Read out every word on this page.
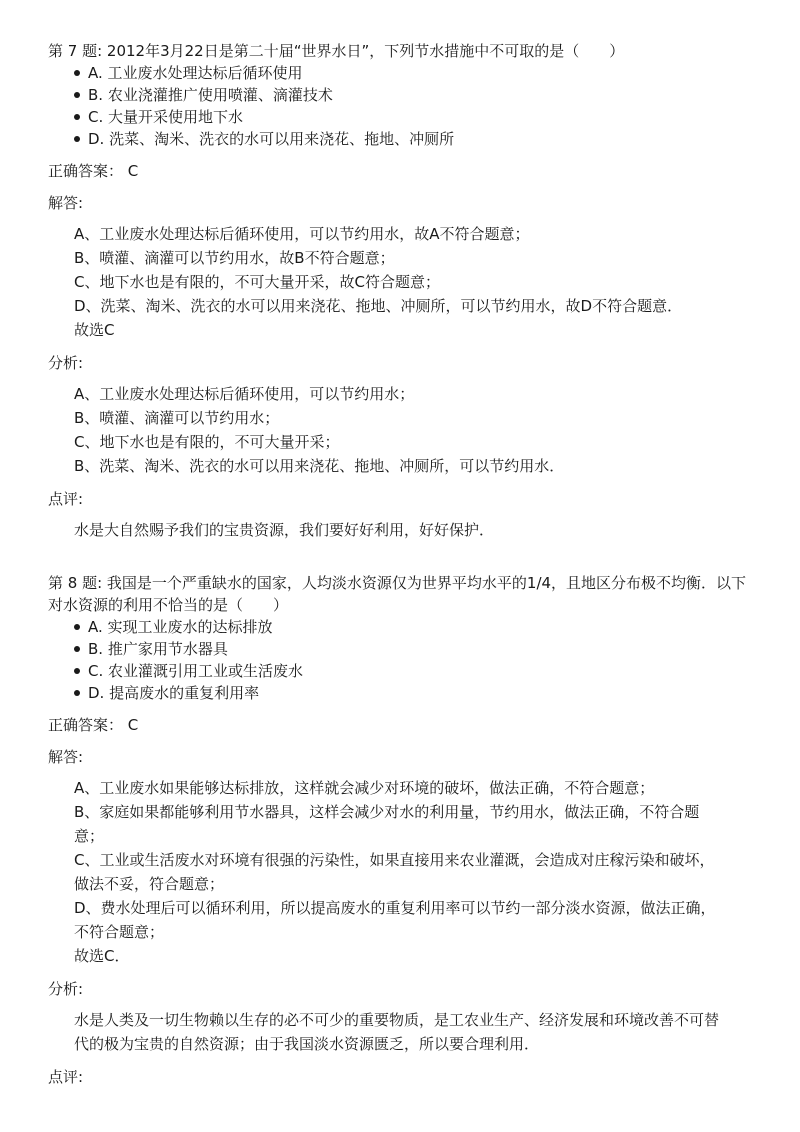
第 7 题: 2012年3月22日是第二十届“世界水日”，下列节水措施中不可取的是（　　）

A. 工业废水处理达标后循环使用
B. 农业浇灌推广使用喷灌、滴灌技术
C. 大量开采使用地下水
D. 洗菜、淘米、洗衣的水可以用来浇花、拖地、冲厕所
正确答案： C
解答:

A、工业废水处理达标后循环使用，可以节约用水，故A不符合题意；

B、喷灌、滴灌可以节约用水，故B不符合题意；

C、地下水也是有限的，不可大量开采，故C符合题意；

D、洗菜、淘米、洗衣的水可以用来浇花、拖地、冲厕所，可以节约用水，故D不符合题意．

故选C

分析:

A、工业废水处理达标后循环使用，可以节约用水；

B、喷灌、滴灌可以节约用水；

C、地下水也是有限的，不可大量开采；

B、洗菜、淘米、洗衣的水可以用来浇花、拖地、冲厕所，可以节约用水．

点评:

水是大自然赐予我们的宝贵资源，我们要好好利用，好好保护．

第 8 题: 我国是一个严重缺水的国家，人均淡水资源仅为世界平均水平的1/4，且地区分布极不均衡．以下对水资源的利用不恰当的是（　　）

A. 实现工业废水的达标排放
B. 推广家用节水器具
C. 农业灌溉引用工业或生活废水
D. 提高废水的重复利用率
正确答案： C
解答:

A、工业废水如果能够达标排放，这样就会减少对环境的破坏，做法正确，不符合题意；

B、家庭如果都能够利用节水器具，这样会减少对水的利用量，节约用水，做法正确，不符合题意；

C、工业或生活废水对环境有很强的污染性，如果直接用来农业灌溉，会造成对庄稼污染和破坏，做法不妥，符合题意；

D、费水处理后可以循环利用，所以提高废水的重复利用率可以节约一部分淡水资源，做法正确，不符合题意；

故选C．

分析:

水是人类及一切生物赖以生存的必不可少的重要物质，是工农业生产、经济发展和环境改善不可替代的极为宝贵的自然资源；由于我国淡水资源匮乏，所以要合理利用．

点评:
